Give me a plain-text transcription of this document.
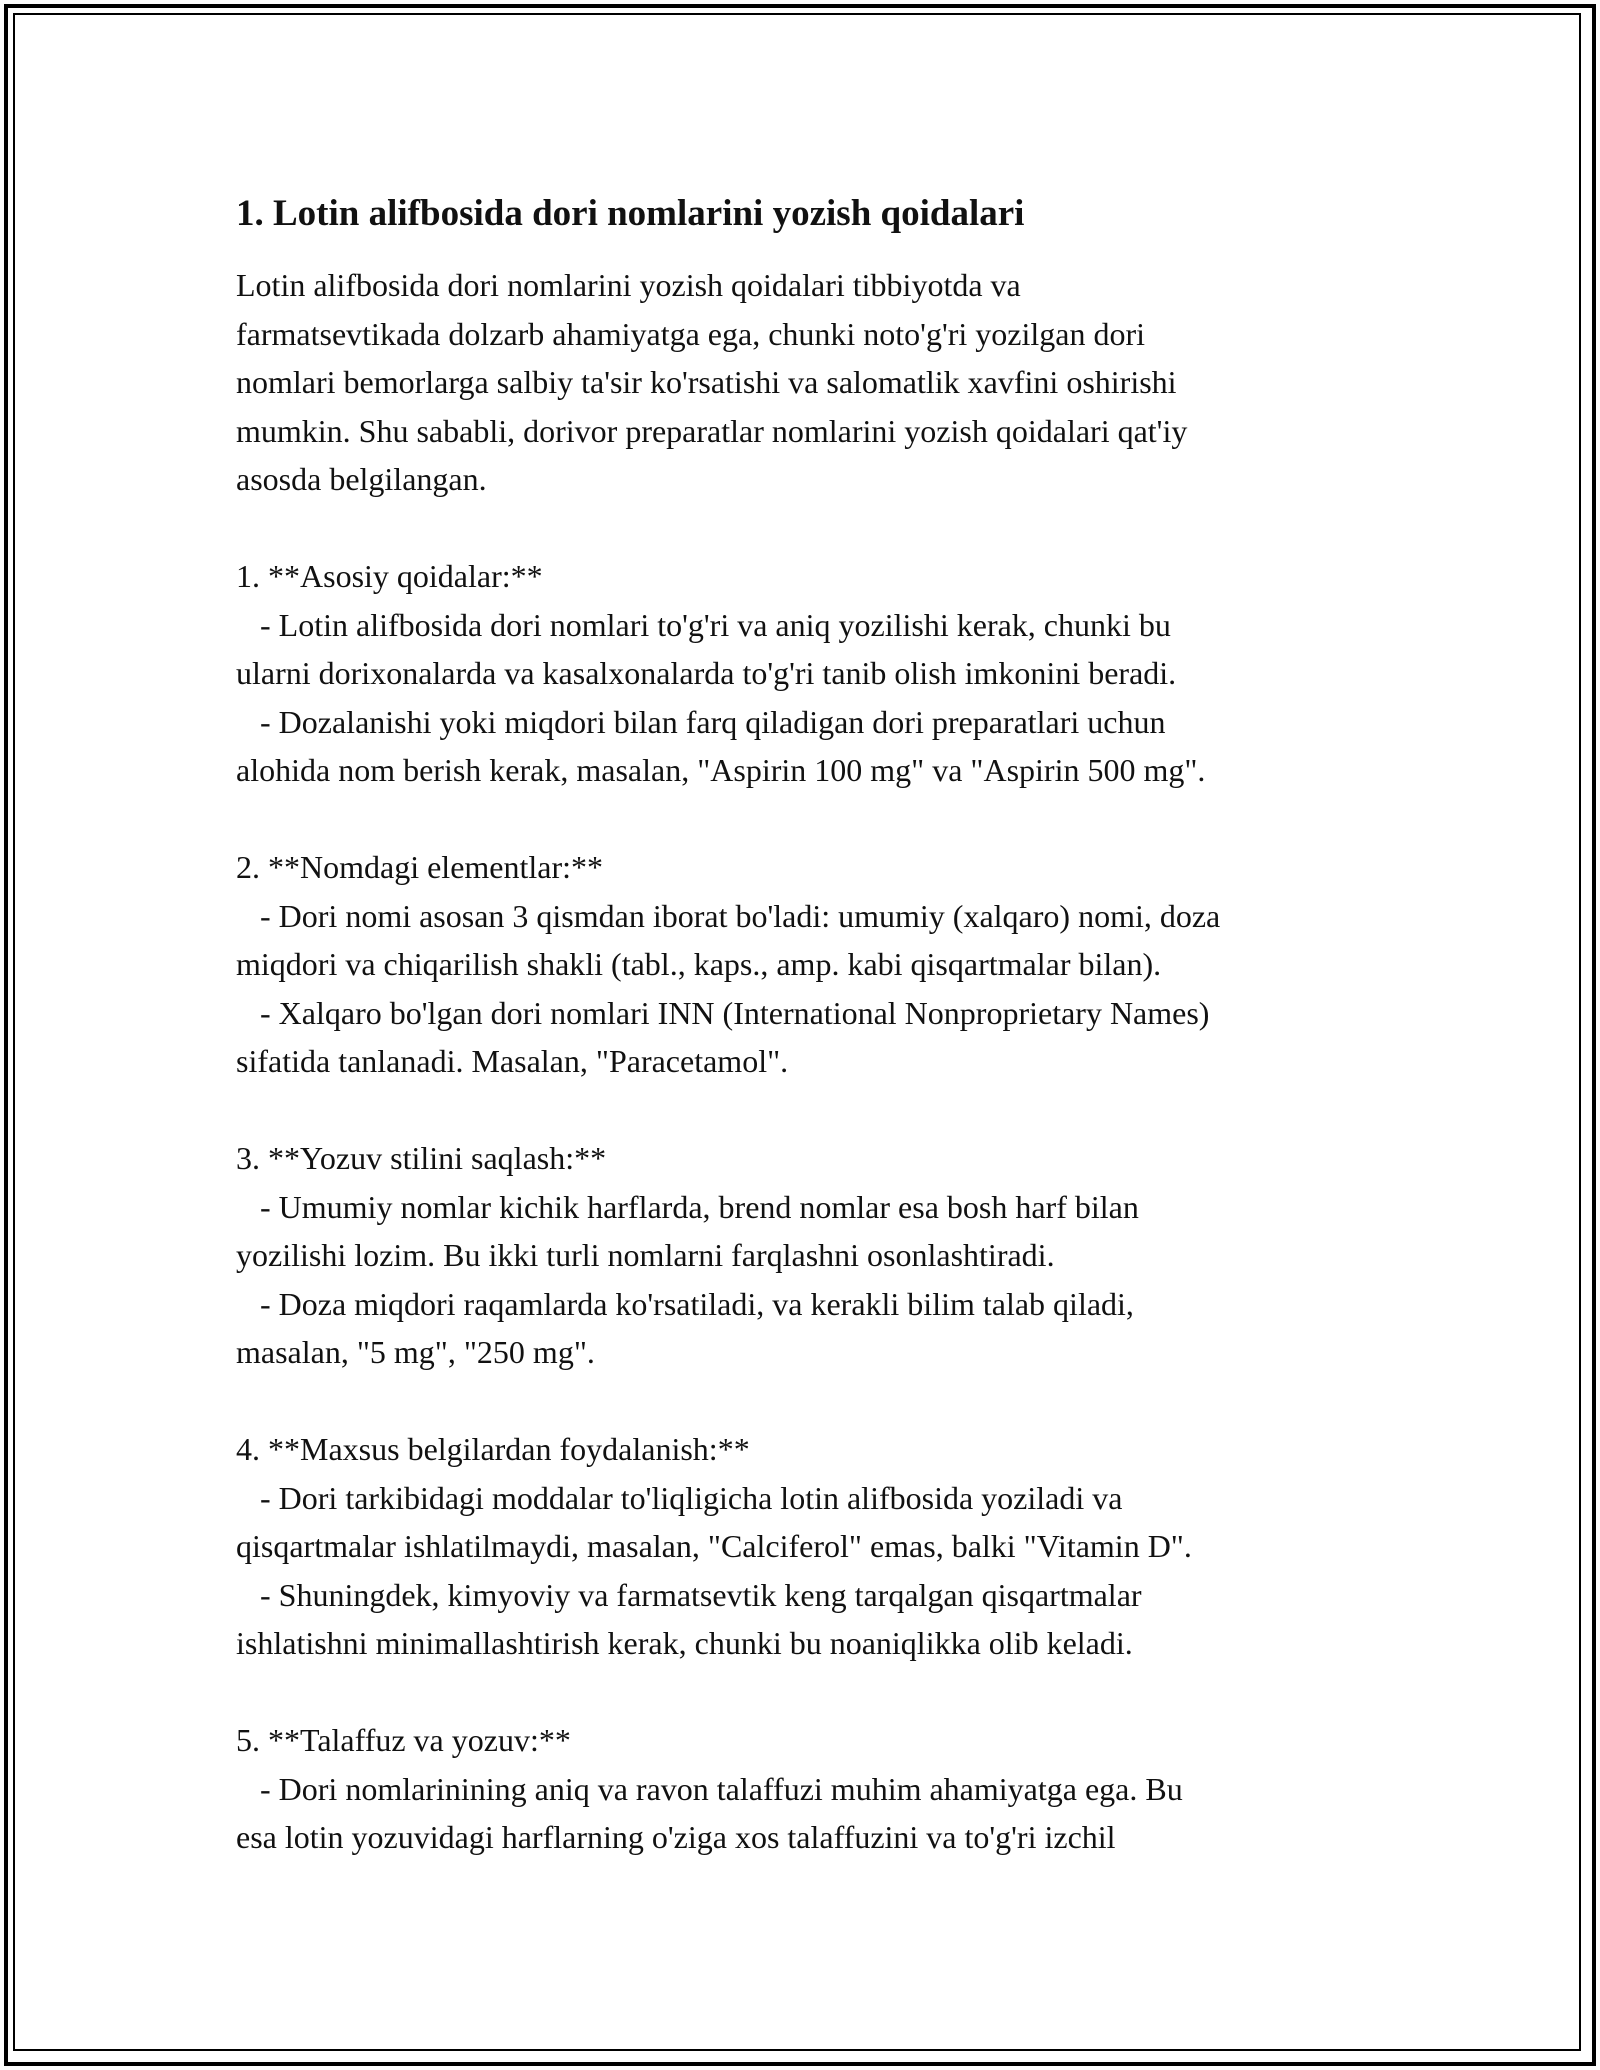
1. Lotin alifbosida dori nomlarini yozish qoidalari

Lotin alifbosida dori nomlarini yozish qoidalari tibbiyotda va

farmatsevtikada dolzarb ahamiyatga ega, chunki noto'g'ri yozilgan dori

nomlari bemorlarga salbiy ta'sir ko'rsatishi va salomatlik xavfini oshirishi

mumkin. Shu sababli, dorivor preparatlar nomlarini yozish qoidalari qat'iy

asosda belgilangan.

1. **Asosiy qoidalar:**

- Lotin alifbosida dori nomlari to'g'ri va aniq yozilishi kerak, chunki bu

ularni dorixonalarda va kasalxonalarda to'g'ri tanib olish imkonini beradi.

- Dozalanishi yoki miqdori bilan farq qiladigan dori preparatlari uchun

alohida nom berish kerak, masalan, "Aspirin 100 mg" va "Aspirin 500 mg".

2. **Nomdagi elementlar:**

- Dori nomi asosan 3 qismdan iborat bo'ladi: umumiy (xalqaro) nomi, doza

miqdori va chiqarilish shakli (tabl., kaps., amp. kabi qisqartmalar bilan).

- Xalqaro bo'lgan dori nomlari INN (International Nonproprietary Names)

sifatida tanlanadi. Masalan, "Paracetamol".

3. **Yozuv stilini saqlash:**

- Umumiy nomlar kichik harflarda, brend nomlar esa bosh harf bilan

yozilishi lozim. Bu ikki turli nomlarni farqlashni osonlashtiradi.

- Doza miqdori raqamlarda ko'rsatiladi, va kerakli bilim talab qiladi,

masalan, "5 mg", "250 mg".

4. **Maxsus belgilardan foydalanish:**

- Dori tarkibidagi moddalar to'liqligicha lotin alifbosida yoziladi va

qisqartmalar ishlatilmaydi, masalan, "Calciferol" emas, balki "Vitamin D".

- Shuningdek, kimyoviy va farmatsevtik keng tarqalgan qisqartmalar

ishlatishni minimallashtirish kerak, chunki bu noaniqlikka olib keladi.

5. **Talaffuz va yozuv:**

- Dori nomlarinining aniq va ravon talaffuzi muhim ahamiyatga ega. Bu

esa lotin yozuvidagi harflarning o'ziga xos talaffuzini va to'g'ri izchil
